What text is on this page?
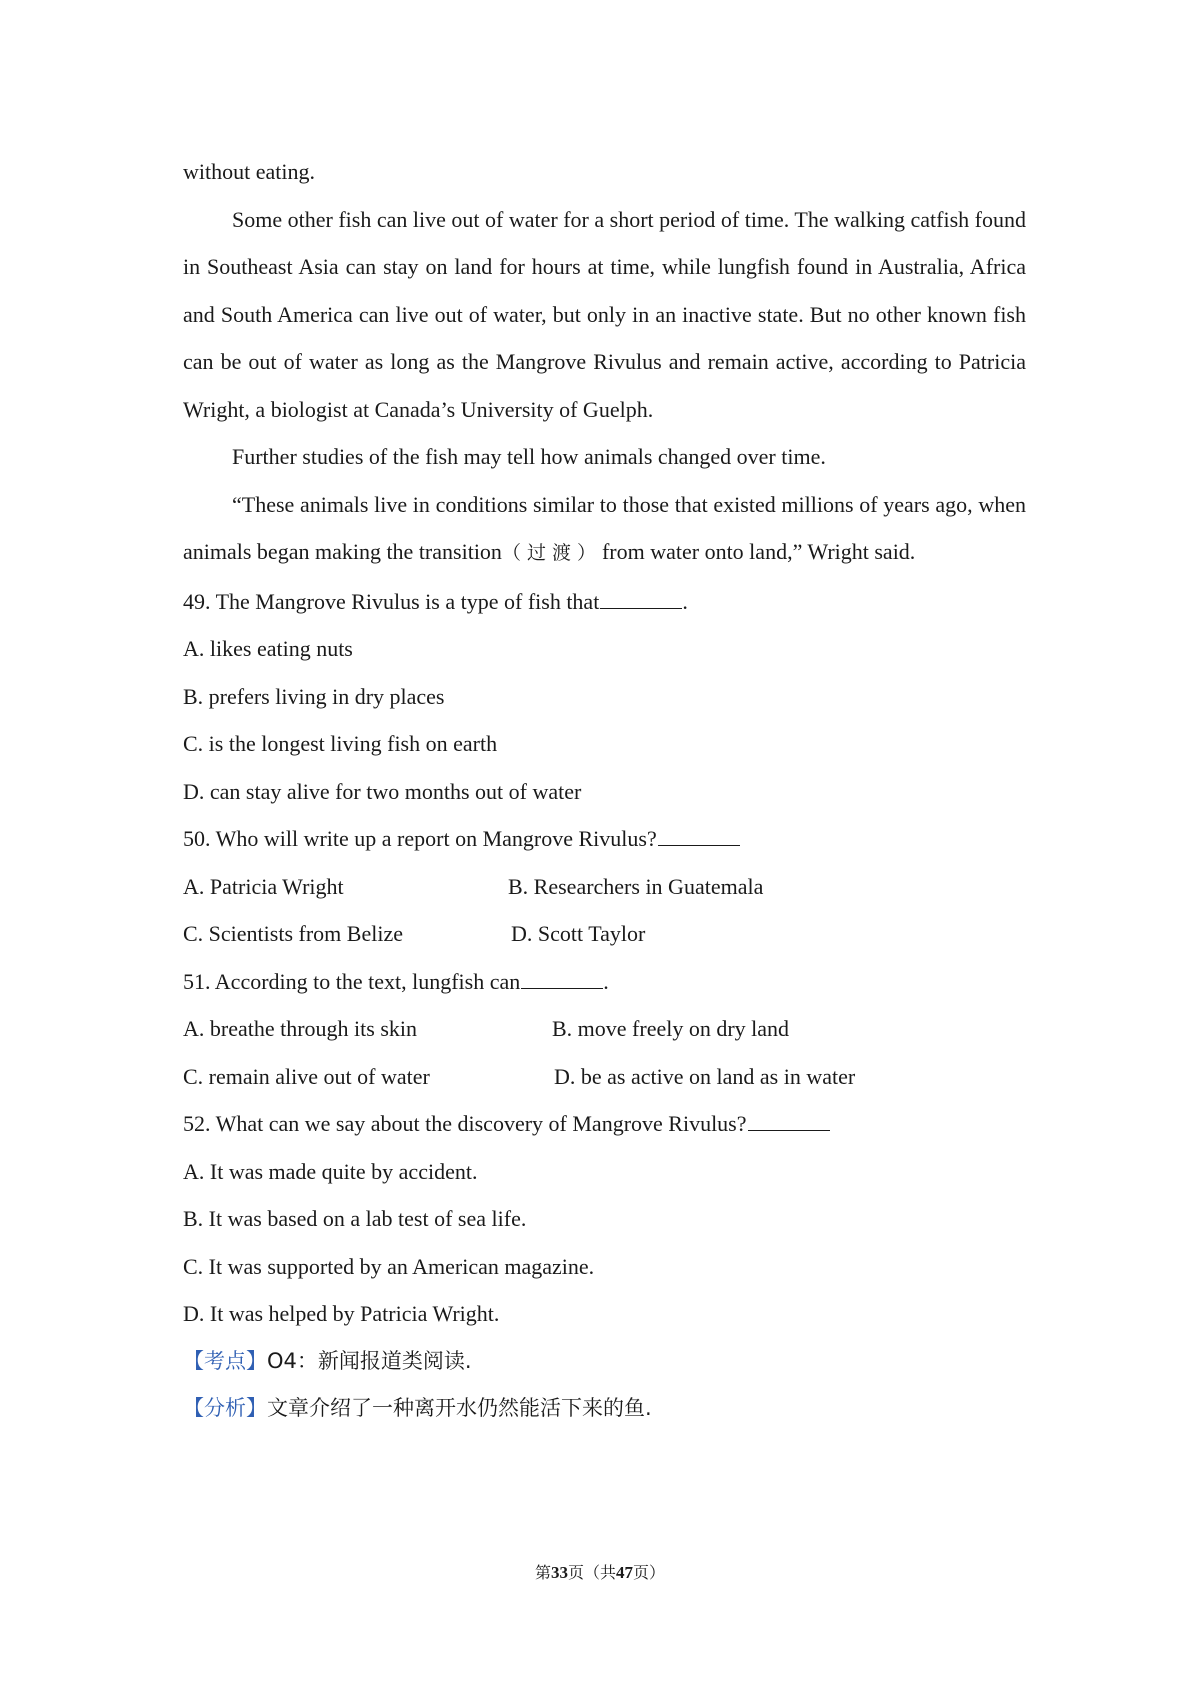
without eating.

Some other fish can live out of water for a short period of time. The walking catfish found in Southeast Asia can stay on land for hours at time, while lungfish found in Australia, Africa and South America can live out of water, but only in an inactive state. But no other known fish can be out of water as long as the Mangrove Rivulus and remain active, according to Patricia Wright, a biologist at Canada’s University of Guelph.

Further studies of the fish may tell how animals changed over time.

“These animals live in conditions similar to those that existed millions of years ago, when animals began making the transition（过渡）from water onto land,” Wright said.

49. The Mangrove Rivulus is a type of fish that	.

A. likes eating nuts

B. prefers living in dry places

C. is the longest living fish on earth

D. can stay alive for two months out of water

50. Who will write up a report on Mangrove Rivulus?

A. Patricia Wright	B. Researchers in Guatemala
C. Scientists from Belize	D. Scott Taylor

51. According to the text, lungfish can	.

A. breathe through its skin	B. move freely on dry land
C. remain alive out of water	D. be as active on land as in water

52. What can we say about the discovery of Mangrove Rivulus?

A. It was made quite by accident.

B. It was based on a lab test of sea life.

C. It was supported by an American magazine.

D. It was helped by Patricia Wright.

【考点】O4：新闻报道类阅读.

【分析】文章介绍了一种离开水仍然能活下来的鱼.

第33页（共47页）
